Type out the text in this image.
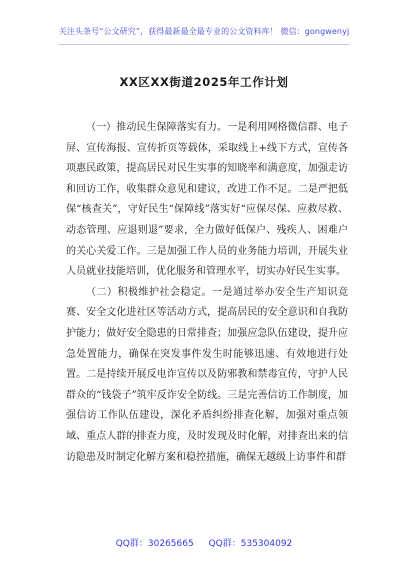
关注头条号“公文研究”，获得最新最全最专业的公文资料库！ 微信：gongwenyj
XX区XX街道2025年工作计划

（一）推动民生保障落实有力。一是利用网格微信群、电子屏、宣传海报、宣传折页等载体，采取线上+线下方式，宣传各项惠民政策，提高居民对民生实事的知晓率和满意度，加强走访和回访工作，收集群众意见和建议，改进工作不足。二是严把低保“核查关”，守好民生“保障线”落实好“应保尽保、应救尽救、动态管理、应退则退”要求，全力做好低保户、残疾人、困难户的关心关爱工作。三是加强工作人员的业务能力培训，开展失业人员就业技能培训，优化服务和管理水平，切实办好民生实事。

（二）积极维护社会稳定。一是通过举办安全生产知识竞赛、安全文化进社区等活动方式，提高居民的安全意识和自我防护能力；做好安全隐患的日常排查；加强应急队伍建设，提升应急处置能力，确保在突发事件发生时能够迅速、有效地进行处置。二是持续开展反电诈宣传以及防邪教和禁毒宣传，守护人民群众的“钱袋子”筑牢反诈安全防线。三是完善信访工作制度，加强信访工作队伍建设，深化矛盾纠纷排查化解，加强对重点领域、重点人群的排查力度，及时发现及时化解，对排查出来的信访隐患及时制定化解方案和稳控措施，确保无越级上访事件和群

QQ群：30265665 QQ群：535304092
